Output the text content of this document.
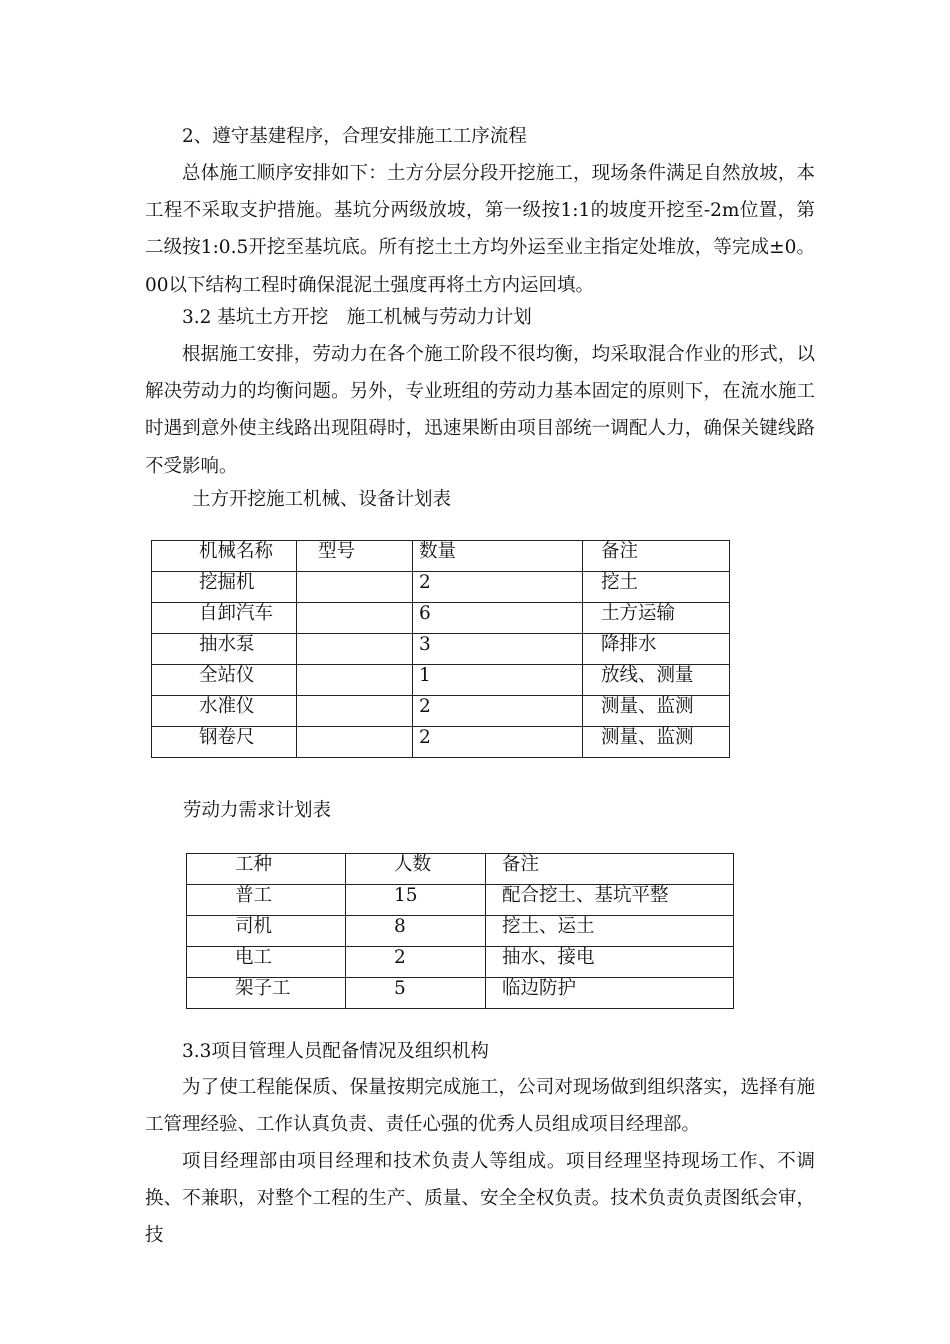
2、遵守基建程序，合理安排施工工序流程
总体施工顺序安排如下：土方分层分段开挖施工，现场条件满足自然放坡，本工程不采取支护措施。基坑分两级放坡，第一级按1:1的坡度开挖至-2m位置，第二级按1:0.5开挖至基坑底。所有挖土土方均外运至业主指定处堆放，等完成±0。00以下结构工程时确保混泥土强度再将土方内运回填。
3.2 基坑土方开挖　施工机械与劳动力计划
根据施工安排，劳动力在各个施工阶段不很均衡，均采取混合作业的形式，以解决劳动力的均衡问题。另外，专业班组的劳动力基本固定的原则下，在流水施工时遇到意外使主线路出现阻碍时，迅速果断由项目部统一调配人力，确保关键线路不受影响。
土方开挖施工机械、设备计划表
机械名称	型号	数量	备注
挖掘机		2	挖土
自卸汽车		6	土方运输
抽水泵		3	降排水
全站仪		1	放线、测量
水准仪		2	测量、监测
钢卷尺		2	测量、监测
劳动力需求计划表
工种	人数	备注
普工	15	配合挖土、基坑平整
司机	8	挖土、运土
电工	2	抽水、接电
架子工	5	临边防护
3.3项目管理人员配备情况及组织机构
为了使工程能保质、保量按期完成施工，公司对现场做到组织落实，选择有施工管理经验、工作认真负责、责任心强的优秀人员组成项目经理部。
项目经理部由项目经理和技术负责人等组成。项目经理坚持现场工作、不调换、不兼职，对整个工程的生产、质量、安全全权负责。技术负责负责图纸会审，技
